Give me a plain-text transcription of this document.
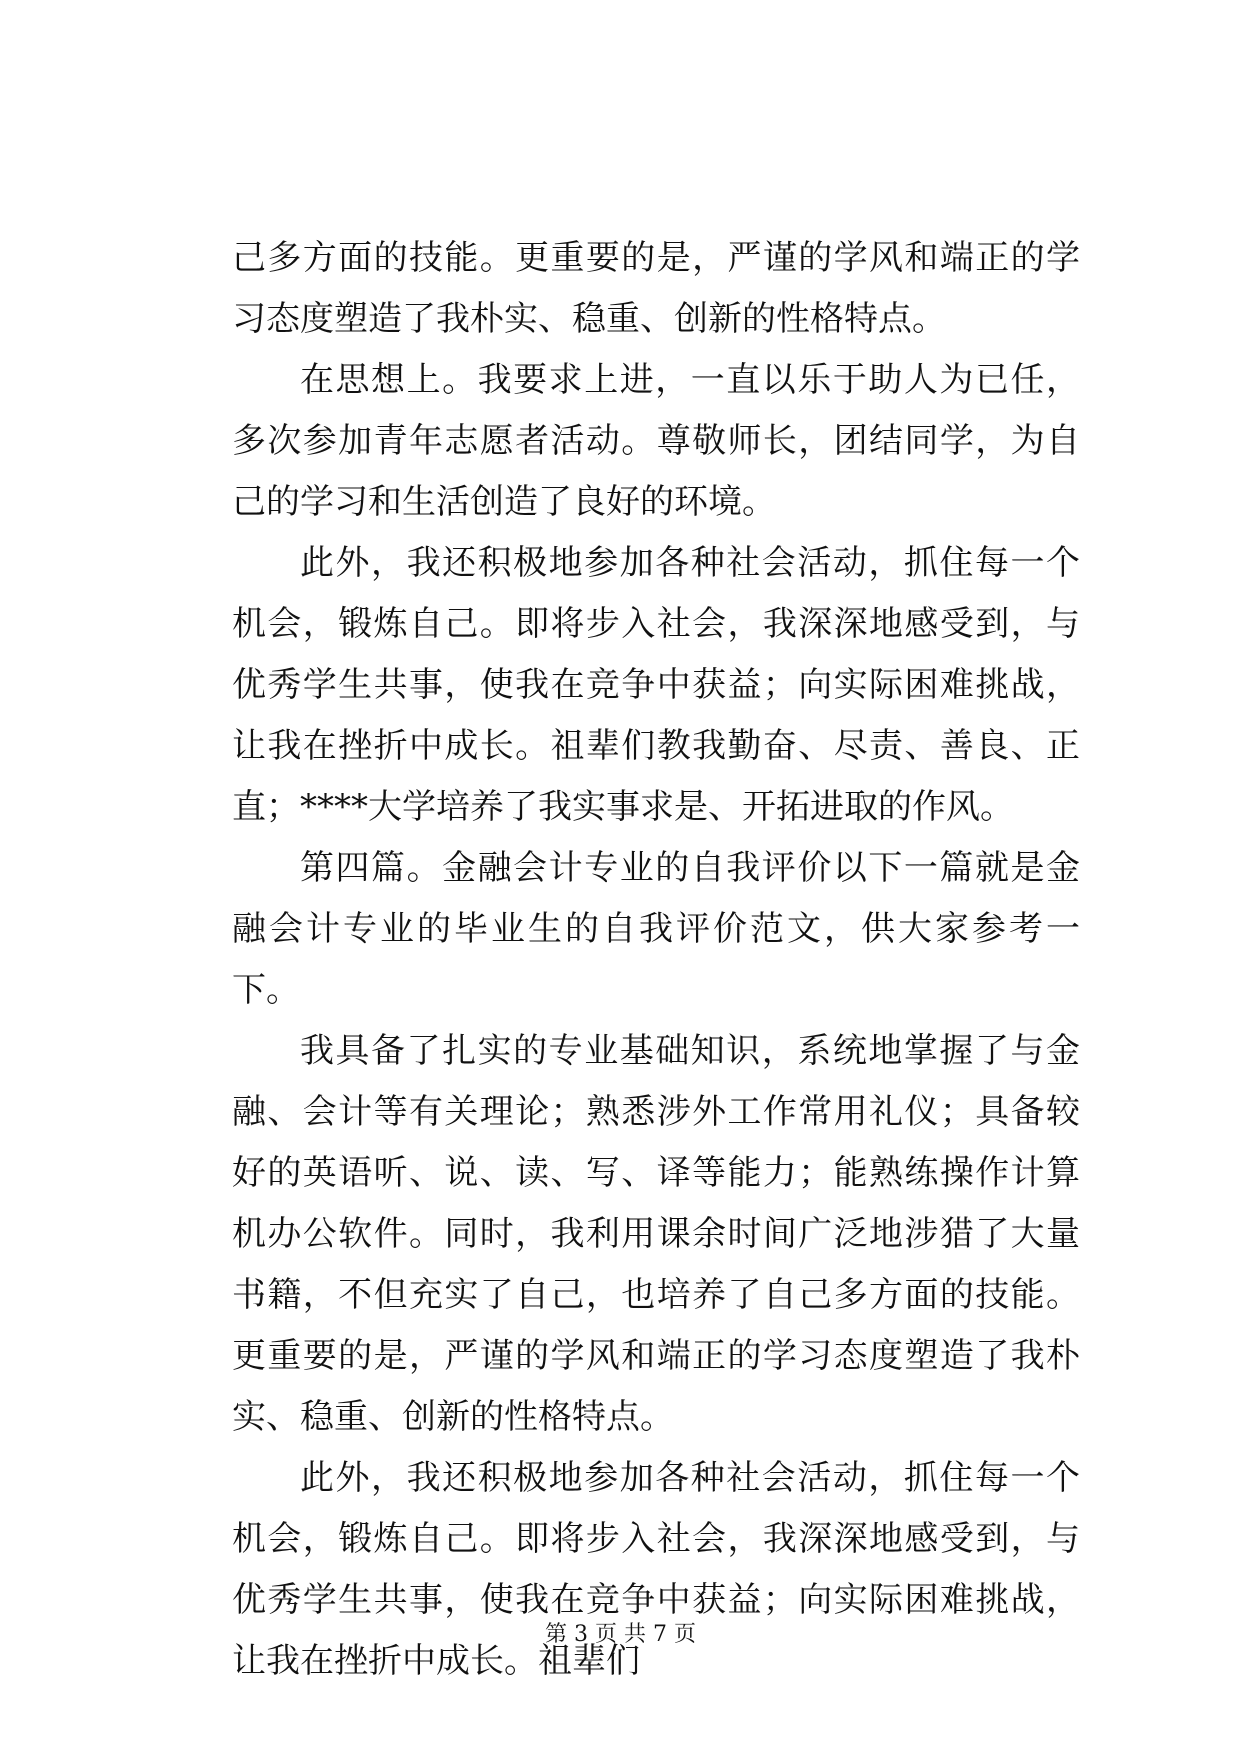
己多方面的技能。更重要的是，严谨的学风和端正的学习态度塑造了我朴实、稳重、创新的性格特点。

在思想上。我要求上进，一直以乐于助人为已任，多次参加青年志愿者活动。尊敬师长，团结同学，为自己的学习和生活创造了良好的环境。

此外，我还积极地参加各种社会活动，抓住每一个机会，锻炼自己。即将步入社会，我深深地感受到，与优秀学生共事，使我在竞争中获益；向实际困难挑战，让我在挫折中成长。祖辈们教我勤奋、尽责、善良、正直；****大学培养了我实事求是、开拓进取的作风。

第四篇。金融会计专业的自我评价以下一篇就是金融会计专业的毕业生的自我评价范文，供大家参考一下。

我具备了扎实的专业基础知识，系统地掌握了与金融、会计等有关理论；熟悉涉外工作常用礼仪；具备较好的英语听、说、读、写、译等能力；能熟练操作计算机办公软件。同时，我利用课余时间广泛地涉猎了大量书籍，不但充实了自己，也培养了自己多方面的技能。更重要的是，严谨的学风和端正的学习态度塑造了我朴实、稳重、创新的性格特点。

此外，我还积极地参加各种社会活动，抓住每一个机会，锻炼自己。即将步入社会，我深深地感受到，与优秀学生共事，使我在竞争中获益；向实际困难挑战，让我在挫折中成长。祖辈们

第 3 页 共 7 页
